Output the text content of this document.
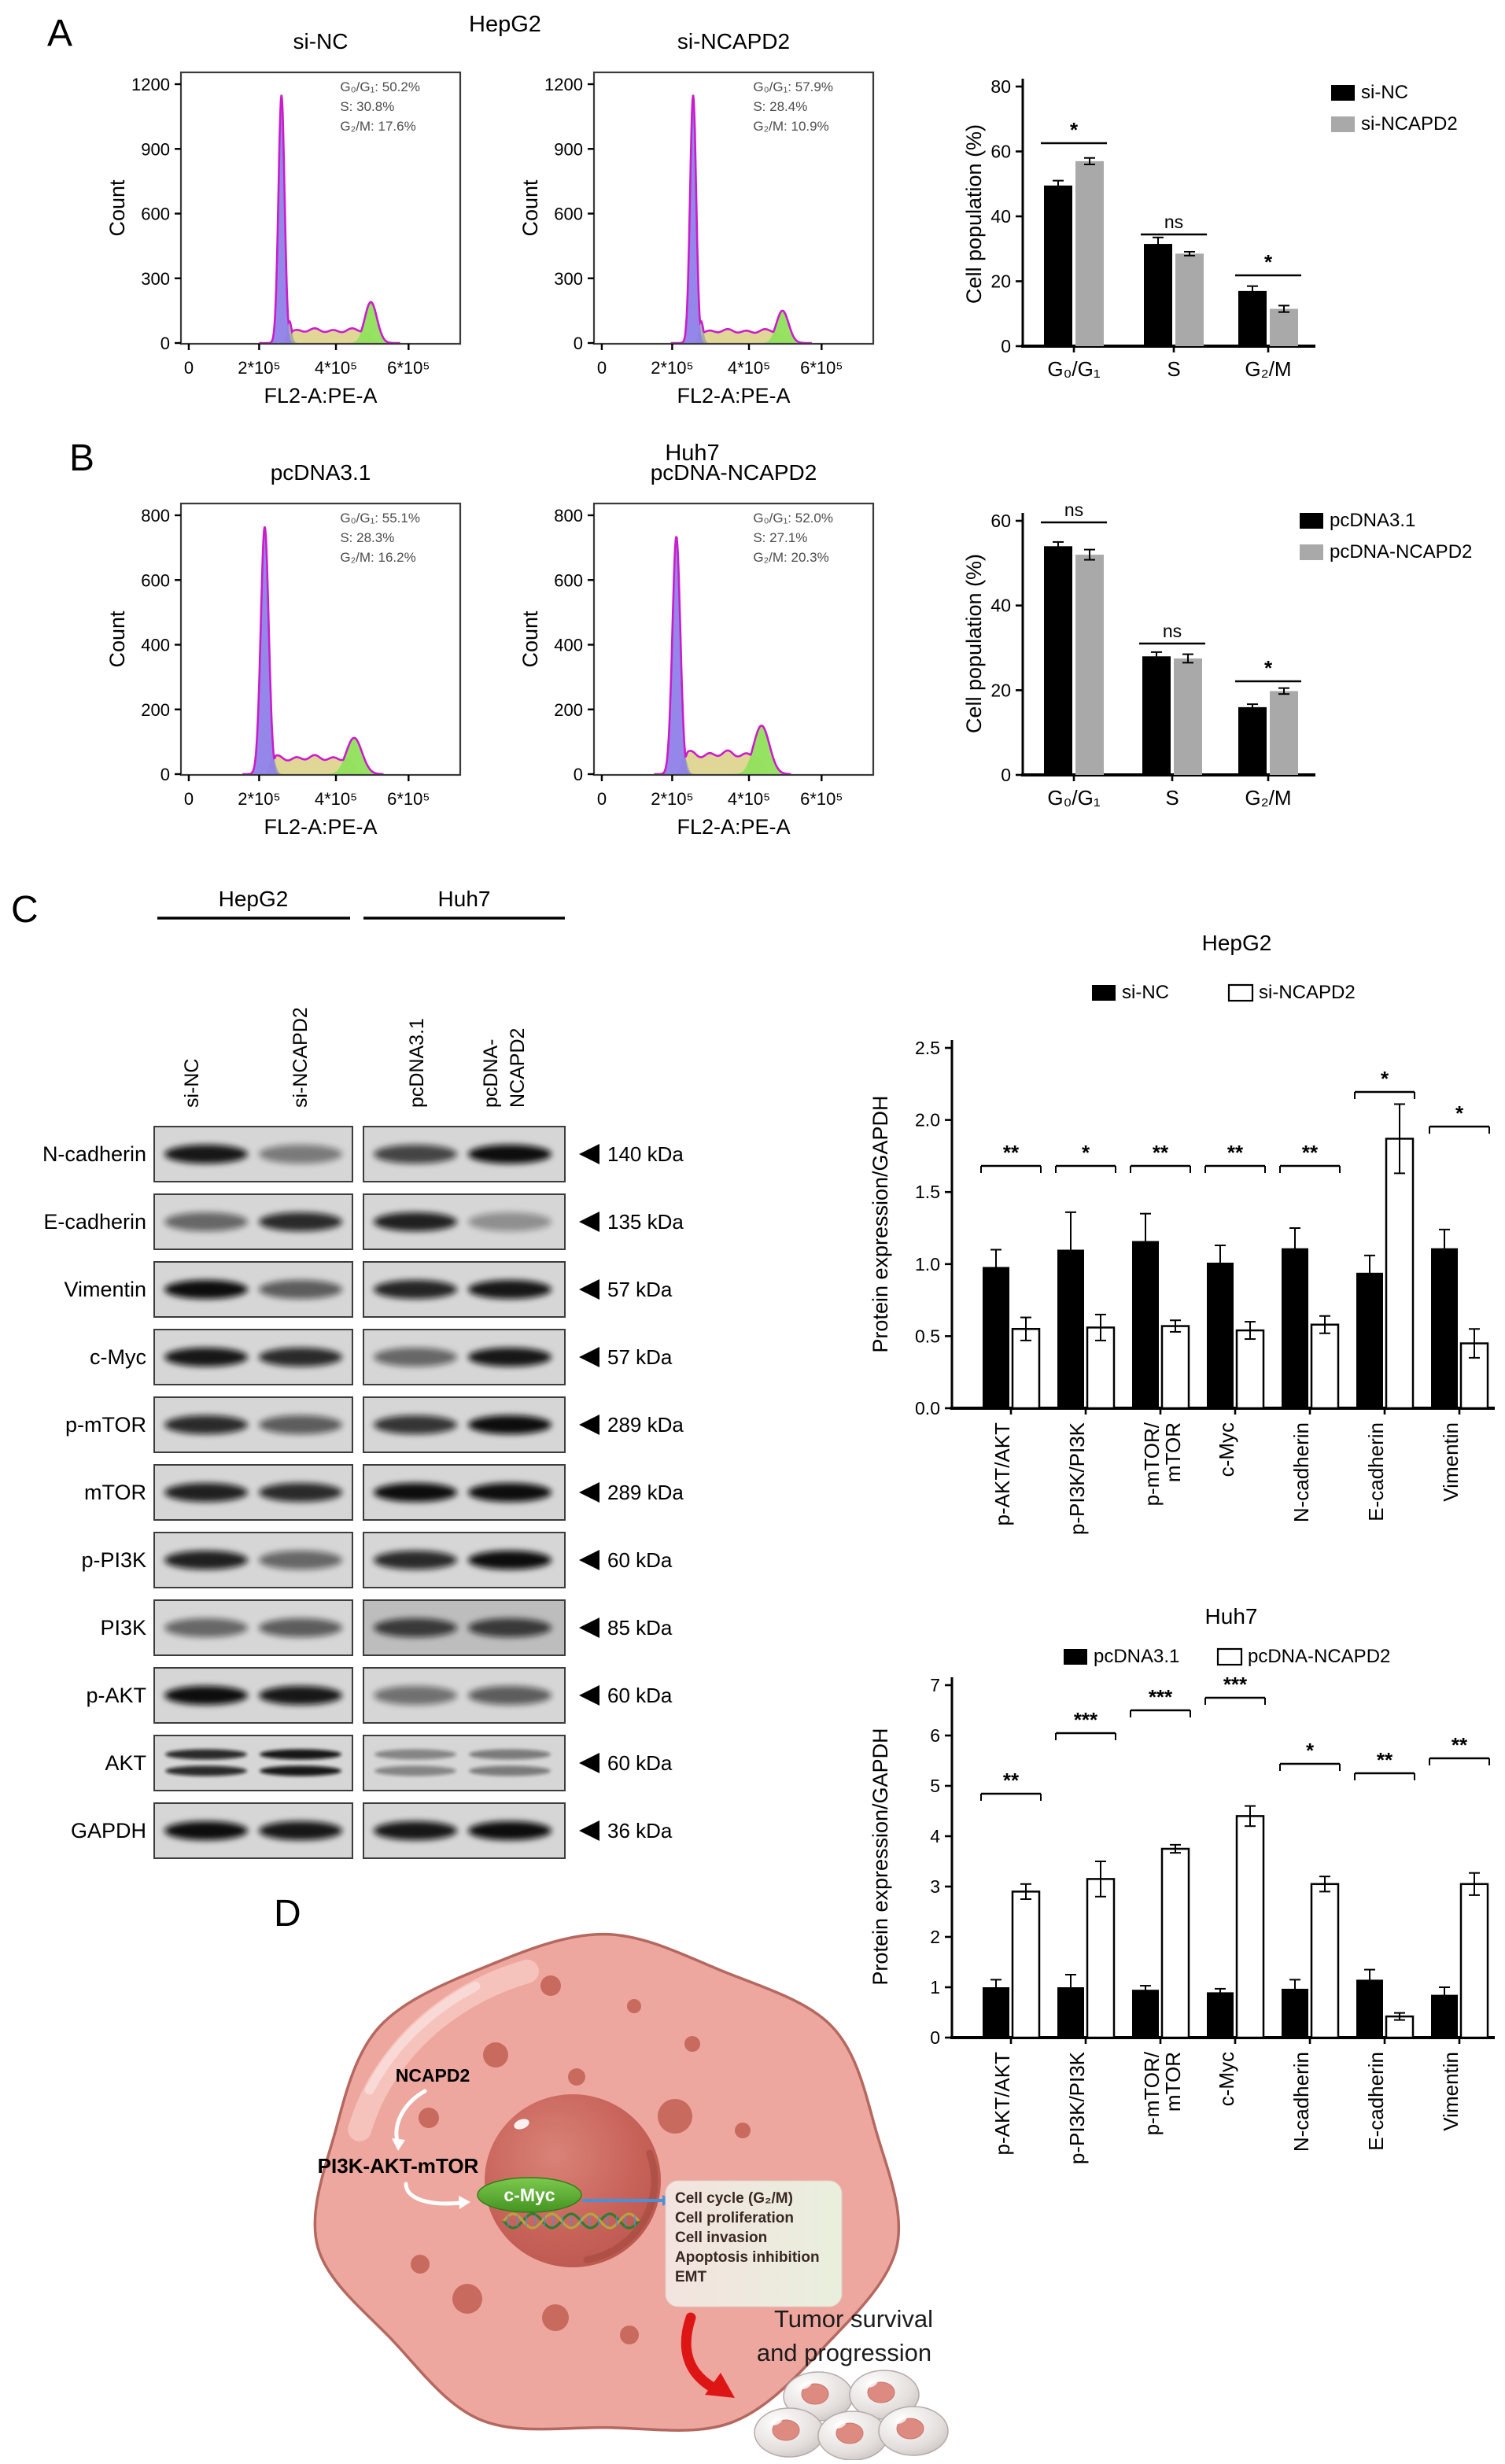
A	HepG2
si-NC
0
300
600
900
1200
0	2*10⁵ 4*10⁵ 6*10⁵
FL2-A:PE-A
Count
G₀/G₁: 50.2%
S: 30.8%
G₂/M: 17.6%
si-NCAPD2
0
300
600
900
1200
0	2*10⁵ 4*10⁵ 6*10⁵
FL2-A:PE-A
Count
G₀/G₁: 57.9%
S: 28.4%
G₂/M: 10.9%
0
20
40
60
80
*
G₀/G₁
ns
S
*
G₂/M
Cell population (%)
si-NC
si-NCAPD2
B	Huh7
pcDNA3.1
0
200
400
600
800
0	2*10⁵ 4*10⁵ 6*10⁵
FL2-A:PE-A
Count
G₀/G₁: 55.1%
S: 28.3%
G₂/M: 16.2%
pcDNA-NCAPD2
0
200
400
600
800
0	2*10⁵ 4*10⁵ 6*10⁵
FL2-A:PE-A
Count
G₀/G₁: 52.0%
S: 27.1%
G₂/M: 20.3%
0
20
40
60
ns
G₀/G₁
ns
S
*
G₂/M
Cell population (%)
pcDNA3.1
pcDNA-NCAPD2
C	HepG2	Huh7
si-NC	si-NCAPD2	pcDNA3.1	pcDNA- NCAPD2
N-cadherin	140 kDa
E-cadherin	135 kDa
Vimentin	57 kDa
c-Myc	57 kDa
p-mTOR	289 kDa
mTOR	289 kDa
p-PI3K	60 kDa
PI3K	85 kDa
p-AKT	60 kDa
AKT	60 kDa
GAPDH	36 kDa
0.0
0.5
1.0
1.5
2.0
2.5
**
p-AKT/AKT
*
p-PI3K/PI3K
**
p-mTOR/
mTOR
**
c-Myc
**
N-cadherin
*
E-cadherin
*
Vimentin
Protein expression/GAPDH
HepG2
si-NC	si-NCAPD2
0
1
2
3
4
5
6
7
**
p-AKT/AKT
***
p-PI3K/PI3K
***
p-mTOR/
mTOR
***
c-Myc
*
N-cadherin
**
E-cadherin
**
Vimentin
Protein expression/GAPDH
Huh7
pcDNA3.1	pcDNA-NCAPD2
D
c-Myc
NCAPD2
PI3K-AKT-mTOR
Cell cycle (G₂/M)
Cell proliferation
Cell invasion
Apoptosis inhibition
EMT
Tumor survival
and progression
